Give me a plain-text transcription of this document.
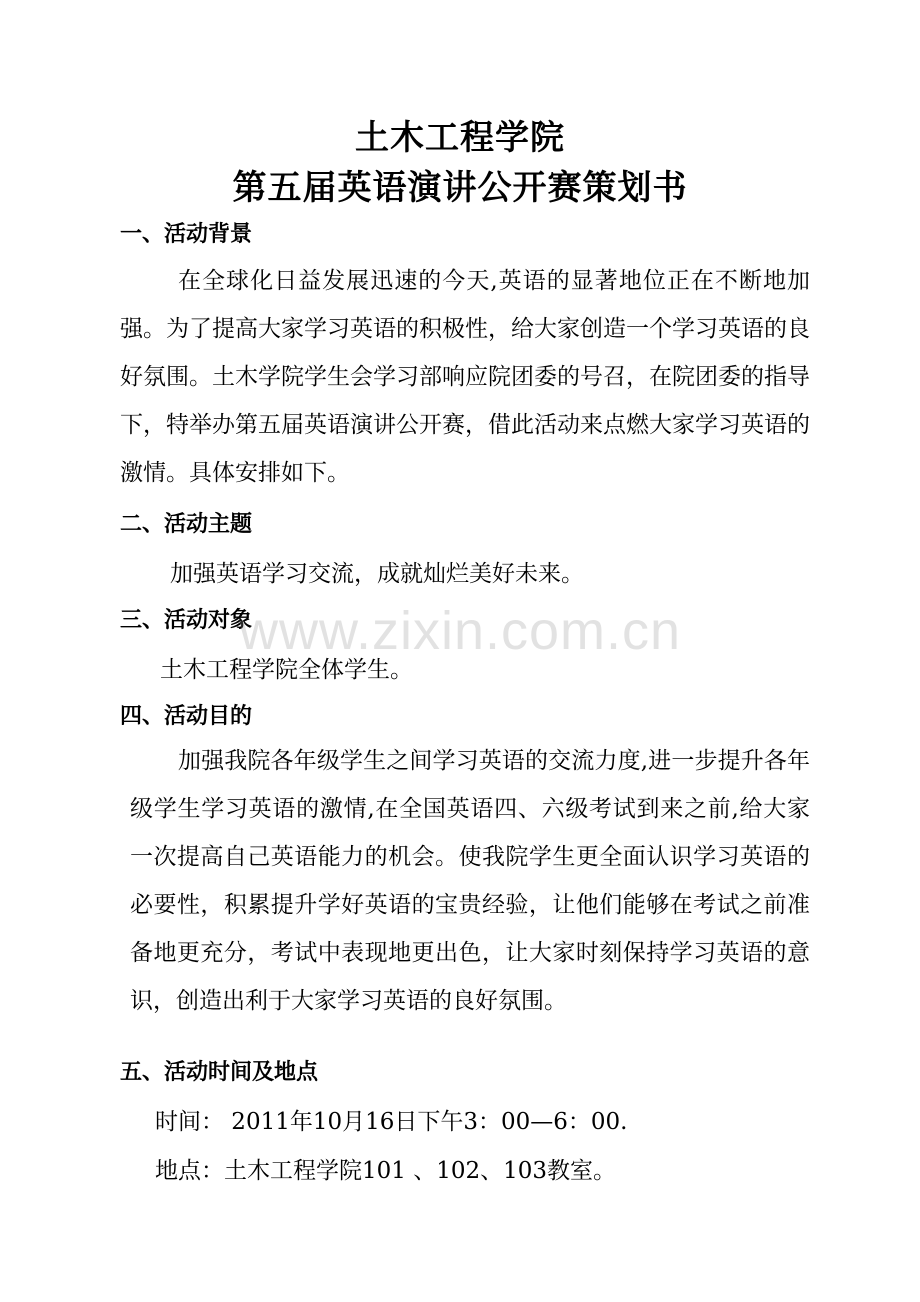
土木工程学院
第五届英语演讲公开赛策划书
一、活动背景

在全球化日益发展迅速的今天,英语的显著地位正在不断地加强。为了提高大家学习英语的积极性，给大家创造一个学习英语的良好氛围。土木学院学生会学习部响应院团委的号召，在院团委的指导下，特举办第五届英语演讲公开赛，借此活动来点燃大家学习英语的激情。具体安排如下。

二、活动主题

加强英语学习交流，成就灿烂美好未来。

三、活动对象

土木工程学院全体学生。

四、活动目的

加强我院各年级学生之间学习英语的交流力度,进一步提升各年级学生学习英语的激情,在全国英语四、六级考试到来之前,给大家一次提高自己英语能力的机会。使我院学生更全面认识学习英语的必要性，积累提升学好英语的宝贵经验，让他们能够在考试之前准备地更充分，考试中表现地更出色，让大家时刻保持学习英语的意识，创造出利于大家学习英语的良好氛围。

五、活动时间及地点

时间： 2011年10月16日下午3：00—6：00.

地点：土木工程学院101 、102、103教室。

www.zixin.com.cn
